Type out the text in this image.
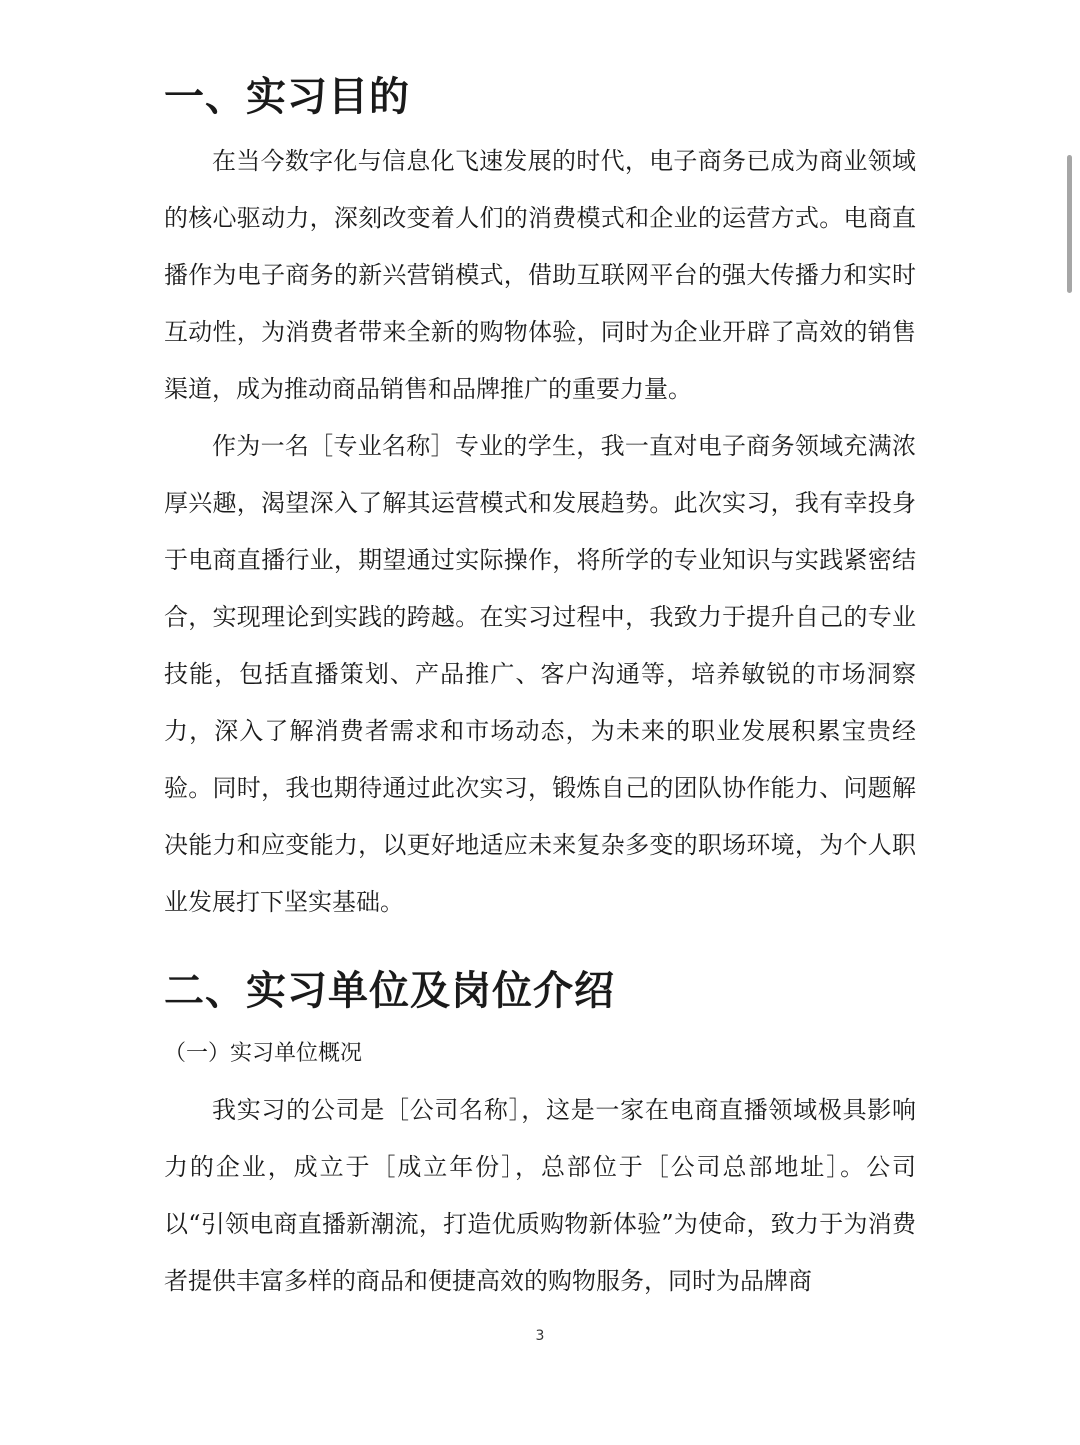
一、实习目的

在当今数字化与信息化飞速发展的时代，电子商务已成为商业领域的核心驱动力，深刻改变着人们的消费模式和企业的运营方式。电商直播作为电子商务的新兴营销模式，借助互联网平台的强大传播力和实时互动性，为消费者带来全新的购物体验，同时为企业开辟了高效的销售渠道，成为推动商品销售和品牌推广的重要力量。

作为一名［专业名称］专业的学生，我一直对电子商务领域充满浓厚兴趣，渴望深入了解其运营模式和发展趋势。此次实习，我有幸投身于电商直播行业，期望通过实际操作，将所学的专业知识与实践紧密结合，实现理论到实践的跨越。在实习过程中，我致力于提升自己的专业技能，包括直播策划、产品推广、客户沟通等，培养敏锐的市场洞察力，深入了解消费者需求和市场动态，为未来的职业发展积累宝贵经验。同时，我也期待通过此次实习，锻炼自己的团队协作能力、问题解决能力和应变能力，以更好地适应未来复杂多变的职场环境，为个人职业发展打下坚实基础。

二、实习单位及岗位介绍

（一）实习单位概况

我实习的公司是［公司名称］，这是一家在电商直播领域极具影响力的企业，成立于［成立年份］，总部位于［公司总部地址］。公司以“引领电商直播新潮流，打造优质购物新体验”为使命，致力于为消费者提供丰富多样的商品和便捷高效的购物服务，同时为品牌商

3
